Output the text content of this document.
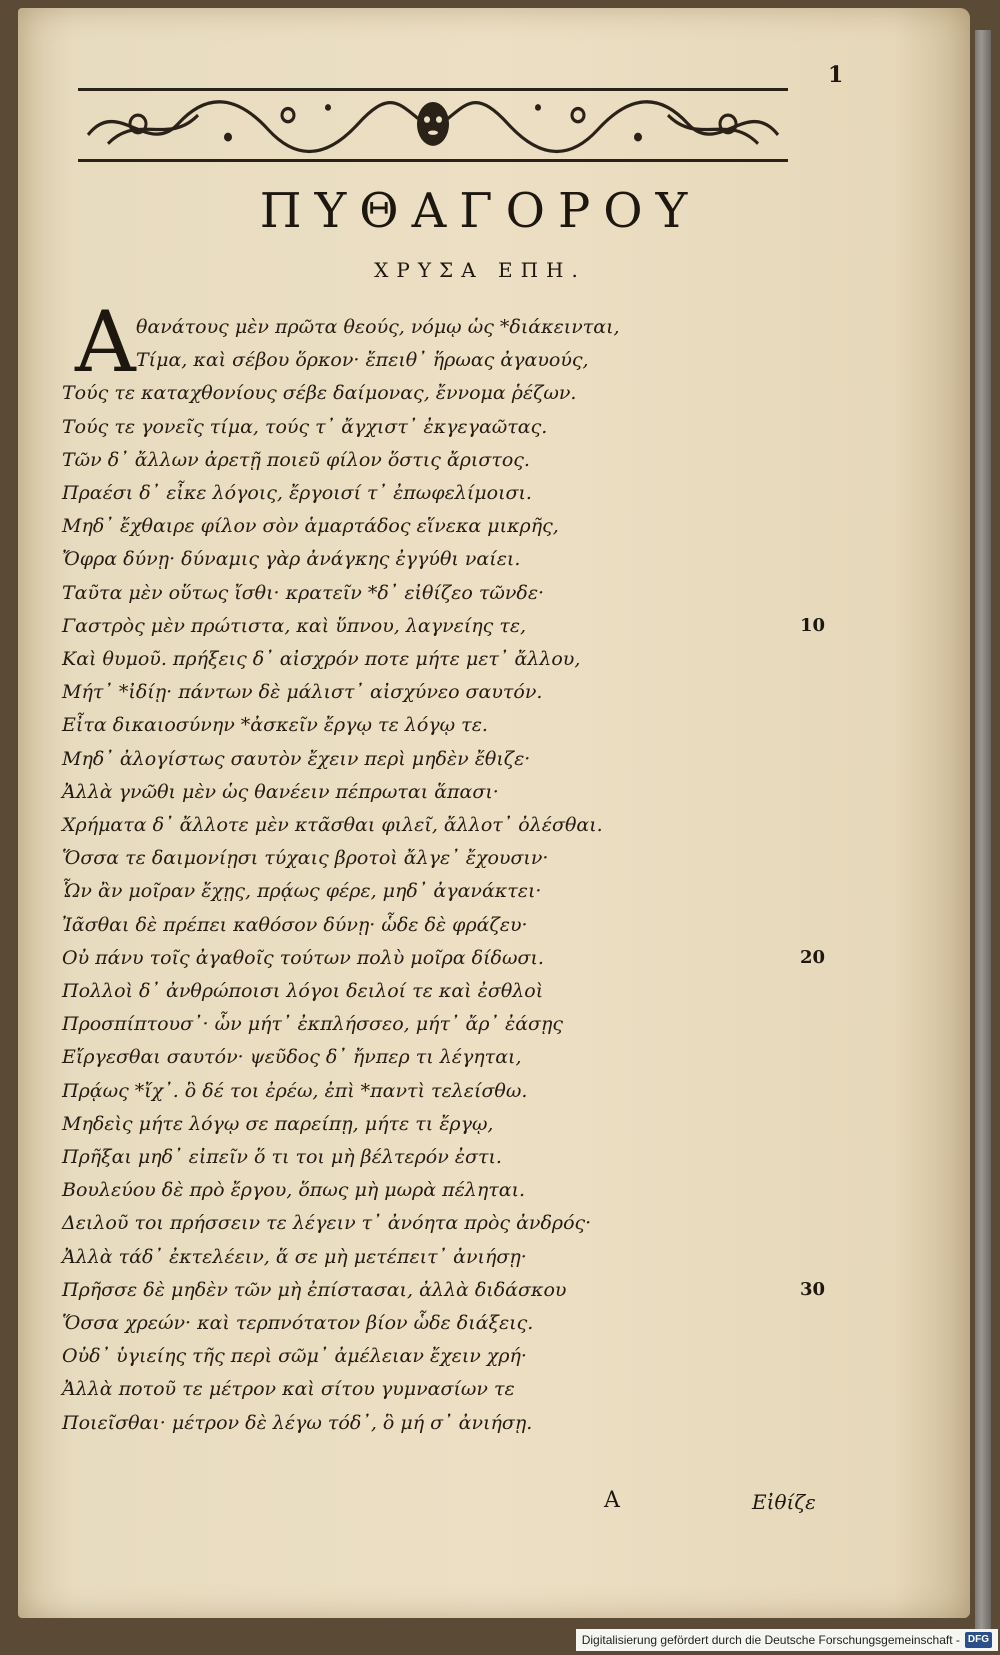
1
ΠΥΘΑΓΟΡΟΥ
ΧΡΥΣΑ ΕΠΗ.
A θανάτους μὲν πρῶτα θεούς, νόμῳ ὡς *διάκεινται,
Τίμα, καὶ σέβου ὅρκον· ἔπειθ᾽ ἥρωας ἀγαυούς,
Τούς τε καταχθονίους σέβε δαίμονας, ἔννομα ῥέζων.
Τούς τε γονεῖς τίμα, τούς τ᾽ ἄγχιστ᾽ ἐκγεγαῶτας.
Τῶν δ᾽ ἄλλων ἀρετῇ ποιεῦ φίλον ὅστις ἄριστος.
Πραέσι δ᾽ εἶκε λόγοις, ἔργοισί τ᾽ ἐπωφελίμοισι.
Μηδ᾽ ἔχθαιρε φίλον σὸν ἁμαρτάδος εἵνεκα μικρῆς,
Ὄφρα δύνῃ· δύναμις γὰρ ἀνάγκης ἐγγύθι ναίει.
Ταῦτα μὲν οὕτως ἴσθι· κρατεῖν *δ᾽ εἰθίζεο τῶνδε·
Γαστρὸς μὲν πρώτιστα, καὶ ὕπνου, λαγνείης τε,
Καὶ θυμοῦ. πρήξεις δ᾽ αἰσχρόν ποτε μήτε μετ᾽ ἄλλου,
Μήτ᾽ *ἰδίῃ· πάντων δὲ μάλιστ᾽ αἰσχύνεο σαυτόν.
Εἶτα δικαιοσύνην *ἀσκεῖν ἔργῳ τε λόγῳ τε.
Μηδ᾽ ἀλογίστως σαυτὸν ἔχειν περὶ μηδὲν ἔθιζε·
Ἀλλὰ γνῶθι μὲν ὡς θανέειν πέπρωται ἅπασι·
Χρήματα δ᾽ ἄλλοτε μὲν κτᾶσθαι φιλεῖ, ἄλλοτ᾽ ὀλέσθαι.
Ὅσσα τε δαιμονίῃσι τύχαις βροτοὶ ἄλγε᾽ ἔχουσιν·
Ὧν ἂν μοῖραν ἔχῃς, πρᾴως φέρε, μηδ᾽ ἀγανάκτει·
Ἰᾶσθαι δὲ πρέπει καθόσον δύνῃ· ὧδε δὲ φράζευ·
Οὐ πάνυ τοῖς ἀγαθοῖς τούτων πολὺ μοῖρα δίδωσι.
Πολλοὶ δ᾽ ἀνθρώποισι λόγοι δειλοί τε καὶ ἐσθλοὶ
Προσπίπτουσ᾽· ὧν μήτ᾽ ἐκπλήσσεο, μήτ᾽ ἄρ᾽ ἐάσῃς
Εἴργεσθαι σαυτόν· ψεῦδος δ᾽ ἤνπερ τι λέγηται,
Πρᾴως *ἴχ᾽. ὃ δέ τοι ἐρέω, ἐπὶ *παντὶ τελείσθω.
Μηδεὶς μήτε λόγῳ σε παρείπῃ, μήτε τι ἔργῳ,
Πρῆξαι μηδ᾽ εἰπεῖν ὅ τι τοι μὴ βέλτερόν ἐστι.
Βουλεύου δὲ πρὸ ἔργου, ὅπως μὴ μωρὰ πέληται.
Δειλοῦ τοι πρήσσειν τε λέγειν τ᾽ ἀνόητα πρὸς ἀνδρός·
Ἀλλὰ τάδ᾽ ἐκτελέειν, ἅ σε μὴ μετέπειτ᾽ ἀνιήσῃ·
Πρῆσσε δὲ μηδὲν τῶν μὴ ἐπίστασαι, ἀλλὰ διδάσκου
Ὅσσα χρεών· καὶ τερπνότατον βίον ὧδε διάξεις.
Οὐδ᾽ ὑγιείης τῆς περὶ σῶμ᾽ ἀμέλειαν ἔχειν χρή·
Ἀλλὰ ποτοῦ τε μέτρον καὶ σίτου γυμνασίων τε
Ποιεῖσθαι· μέτρον δὲ λέγω τόδ᾽, ὃ μή σ᾽ ἀνιήσῃ.
A	Εἰθίζε
Digitalisierung gefördert durch die Deutsche Forschungsgemeinschaft - DFG
10
20
30
